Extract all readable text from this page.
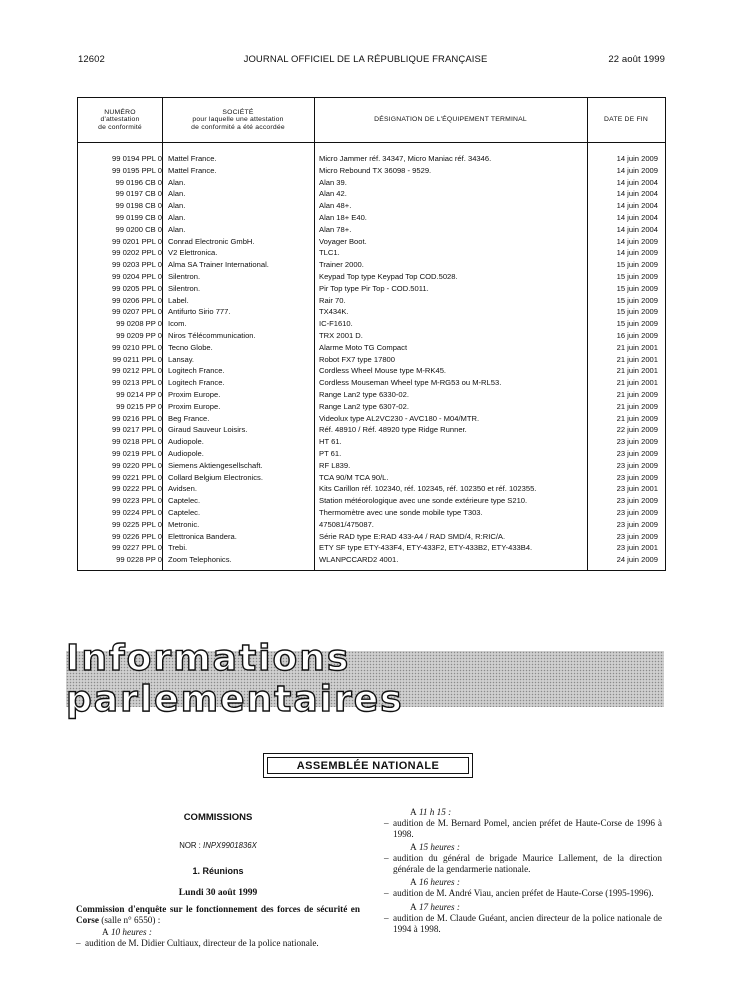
12602	JOURNAL OFFICIEL DE LA RÉPUBLIQUE FRANÇAISE	22 août 1999
NUMÉRO
d'attestation
de conformité
SOCIÉTÉ
pour laquelle une attestation
de conformité a été accordée
DÉSIGNATION DE L'ÉQUIPEMENT TERMINAL	DATE DE FIN
99 0194 PPL 0 Mattel France.	Micro Jammer réf. 34347, Micro Maniac réf. 34346.	14 juin 2009
99 0195 PPL 0 Mattel France.	Micro Rebound TX 36098 - 9529.	14 juin 2009
99 0196 CB 0 Alan.	Alan 39.	14 juin 2004
99 0197 CB 0 Alan.	Alan 42.	14 juin 2004
99 0198 CB 0 Alan.	Alan 48+.	14 juin 2004
99 0199 CB 0 Alan.	Alan 18+ E40.	14 juin 2004
99 0200 CB 0 Alan.	Alan 78+.	14 juin 2004
99 0201 PPL 0 Conrad Electronic GmbH.	Voyager Boot.	14 juin 2009
99 0202 PPL 0 V2 Elettronica.	TLC1.	14 juin 2009
99 0203 PPL 0 Alma SA Trainer International.	Trainer 2000.	15 juin 2009
99 0204 PPL 0 Silentron.	Keypad Top type Keypad Top COD.5028.	15 juin 2009
99 0205 PPL 0 Silentron.	Pir Top type Pir Top - COD.5011.	15 juin 2009
99 0206 PPL 0 Label.	Rair 70.	15 juin 2009
99 0207 PPL 0 Antifurto Sirio 777.	TX434K.	15 juin 2009
99 0208 PP 0 Icom.	IC-F1610.	15 juin 2009
99 0209 PP 0 Niros Télécommunication.	TRX 2001 D.	16 juin 2009
99 0210 PPL 0 Tecno Globe.	Alarme Moto TG Compact	21 juin 2001
99 0211 PPL 0 Lansay.	Robot FX7 type 17800	21 juin 2001
99 0212 PPL 0 Logitech France.	Cordless Wheel Mouse type M-RK45.	21 juin 2001
99 0213 PPL 0 Logitech France.	Cordless Mouseman Wheel type M-RG53 ou M-RL53.	21 juin 2001
99 0214 PP 0 Proxim Europe.	Range Lan2 type 6330-02.	21 juin 2009
99 0215 PP 0 Proxim Europe.	Range Lan2 type 6307-02.	21 juin 2009
99 0216 PPL 0 Beg France.	Videolux type AL2VC230 - AVC180 - M04/MTR.	21 juin 2009
99 0217 PPL 0 Giraud Sauveur Loisirs.	Réf. 48910 / Réf. 48920 type Ridge Runner.	22 juin 2009
99 0218 PPL 0 Audiopole.	HT 61.	23 juin 2009
99 0219 PPL 0 Audiopole.	PT 61.	23 juin 2009
99 0220 PPL 0 Siemens Aktiengesellschaft.	RF L839.	23 juin 2009
99 0221 PPL 0 Collard Belgium Electronics.	TCA 90/M TCA 90/L.	23 juin 2009
99 0222 PPL 0 Avidsen.	Kits Carillon réf. 102340, réf. 102345, réf. 102350 et réf. 102355.	23 juin 2001
99 0223 PPL 0 Captelec.	Station météorologique avec une sonde extérieure type S210.	23 juin 2009
99 0224 PPL 0 Captelec.	Thermomètre avec une sonde mobile type T303.	23 juin 2009
99 0225 PPL 0 Metronic.	475081/475087.	23 juin 2009
99 0226 PPL 0 Elettronica Bandera.	Série RAD type E:RAD 433-A4 / RAD SMD/4, R:RIC/A.	23 juin 2009
99 0227 PPL 0 Trebi.	ETY SF type ETY-433F4, ETY-433F2, ETY-433B2, ETY-433B4.	23 juin 2001
99 0228 PP 0 Zoom Telephonics.	WLANPCCARD2 4001.	24 juin 2009
Informations parlementaires
ASSEMBLÉE NATIONALE

COMMISSIONS

NOR : INPX9901836X

1. Réunions

Lundi 30 août 1999

Commission d'enquête sur le fonctionnement des forces de sécurité en Corse (salle n° 6550) :

A 10 heures :

– audition de M. Didier Cultiaux, directeur de la police nationale.

A 11 h 15 :

– audition de M. Bernard Pomel, ancien préfet de Haute-Corse de 1996 à 1998.

A 15 heures :

– audition du général de brigade Maurice Lallement, de la direction générale de la gendarmerie nationale.

A 16 heures :

– audition de M. André Viau, ancien préfet de Haute-Corse (1995-1996).

A 17 heures :

– audition de M. Claude Guéant, ancien directeur de la police nationale de 1994 à 1998.
